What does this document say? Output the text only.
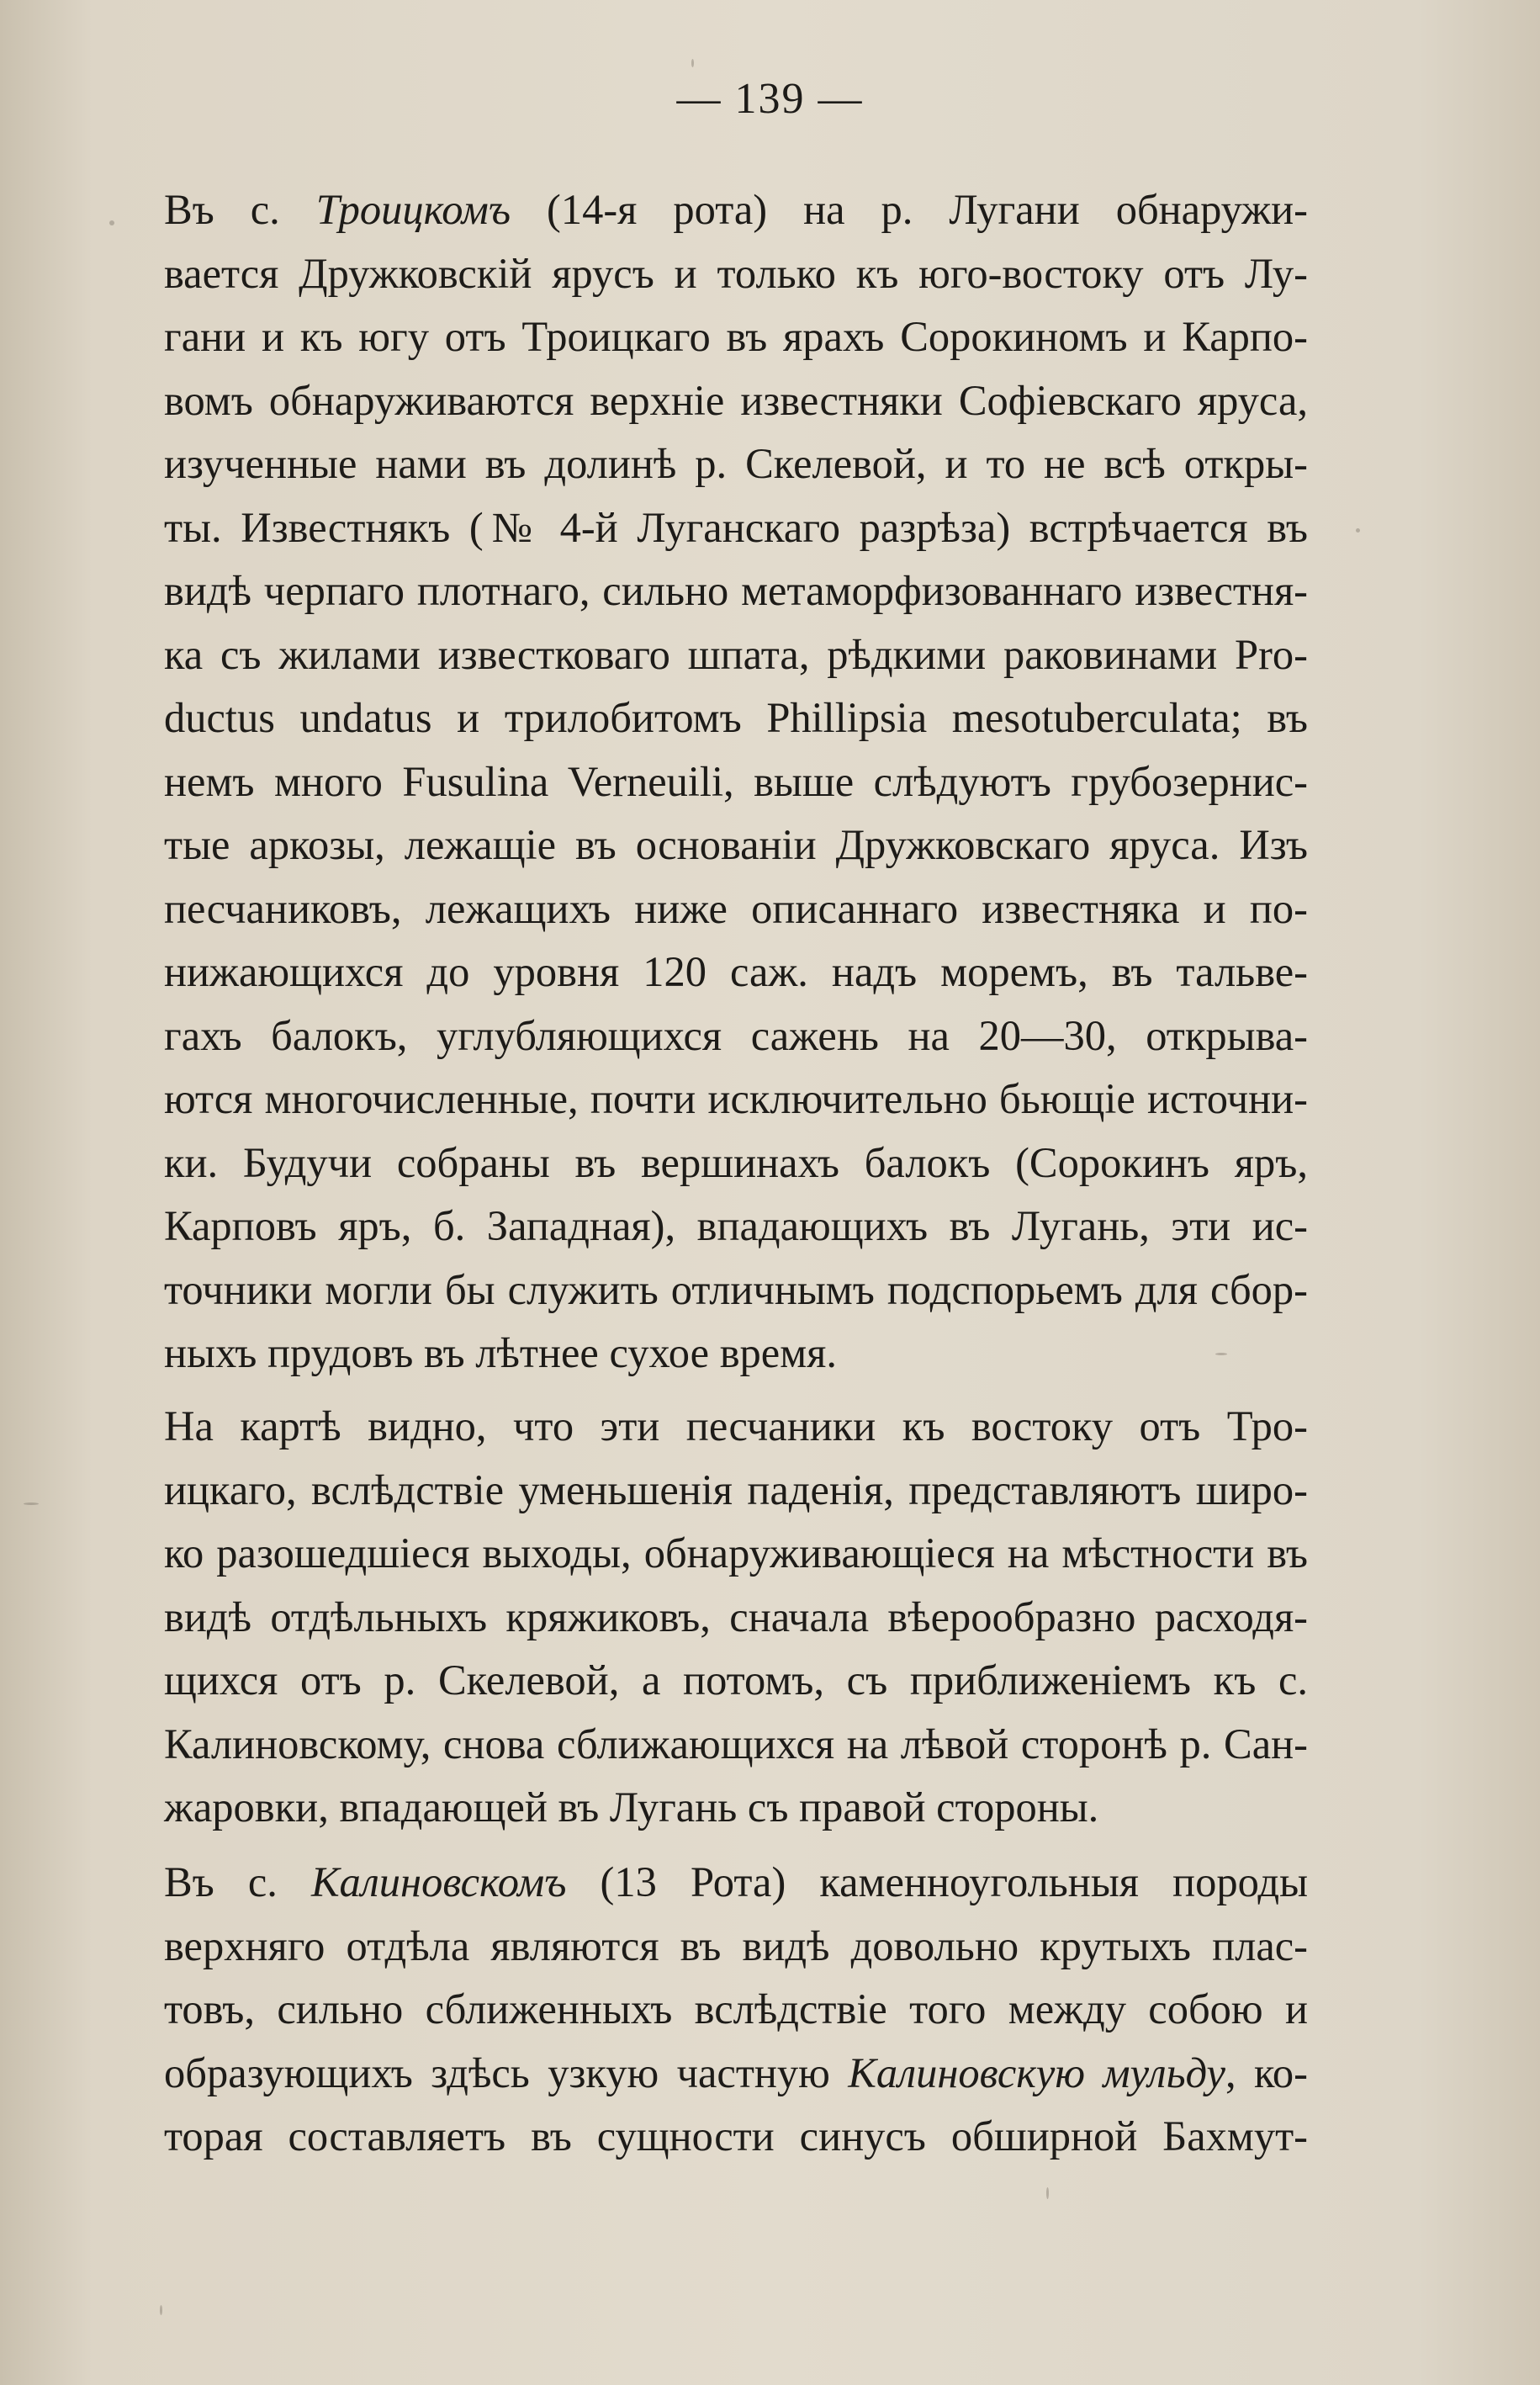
— 139 —
Въ с. Троицкомъ (14-я рота) на р. Лугани обнаружи-
вается Дружковскій ярусъ и только къ юго-востоку отъ Лу-
гани и къ югу отъ Троицкаго въ ярахъ Сорокиномъ и Карпо-
вомъ обнаруживаются верхніе известняки Софіевскаго яруса,
изученные нами въ долинѣ р. Скелевой, и то не всѣ откры-
ты. Известнякъ (№ 4-й Луганскаго разрѣза) встрѣчается въ
видѣ черпаго плотнаго, сильно метаморфизованнаго известня-
ка съ жилами известковаго шпата, рѣдкими раковинами Pro-
ductus undatus и трилобитомъ Phillipsia mesotuberculata; въ
немъ много Fusulina Verneuili, выше слѣдуютъ грубозернис-
тые аркозы, лежащіе въ основаніи Дружковскаго яруса. Изъ
песчаниковъ, лежащихъ ниже описаннаго известняка и по-
нижающихся до уровня 120 саж. надъ моремъ, въ тальве-
гахъ балокъ, углубляющихся сажень на 20—30, открыва-
ются многочисленные, почти исключительно бьющіе источни-
ки. Будучи собраны въ вершинахъ балокъ (Сорокинъ яръ,
Карповъ яръ, б. Западная), впадающихъ въ Лугань, эти ис-
точники могли бы служить отличнымъ подспорьемъ для сбор-
ныхъ прудовъ въ лѣтнее сухое время.
На картѣ видно, что эти песчаники къ востоку отъ Тро-
ицкаго, вслѣдствіе уменьшенія паденія, представляютъ широ-
ко разошедшіеся выходы, обнаруживающіеся на мѣстности въ
видѣ отдѣльныхъ кряжиковъ, сначала вѣерообразно расходя-
щихся отъ р. Скелевой, а потомъ, съ приближеніемъ къ с.
Калиновскому, снова сближающихся на лѣвой сторонѣ р. Сан-
жаровки, впадающей въ Лугань съ правой стороны.
Въ с. Калиновскомъ (13 Рота) каменноугольныя породы
верхняго отдѣла являются въ видѣ довольно крутыхъ плас-
товъ, сильно сближенныхъ вслѣдствіе того между собою и
образующихъ здѣсь узкую частную Калиновскую мульду, ко-
торая составляетъ въ сущности синусъ обширной Бахмут-
